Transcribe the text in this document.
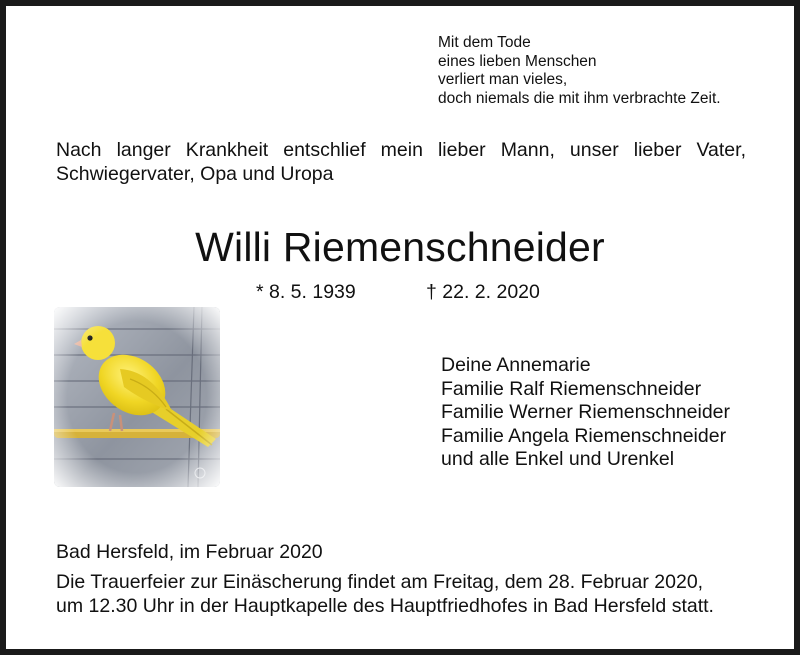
Mit dem Tode
eines lieben Menschen
verliert man vieles,
doch niemals die mit ihm verbrachte Zeit.
Nach langer Krankheit entschlief mein lieber Mann, unser lieber Vater,
Schwiegervater, Opa und Uropa
Willi Riemenschneider
* 8. 5. 1939	† 22. 2. 2020
Deine Annemarie
Familie Ralf Riemenschneider
Familie Werner Riemenschneider
Familie Angela Riemenschneider
und alle Enkel und Urenkel
Bad Hersfeld, im Februar 2020
Die Trauerfeier zur Einäscherung findet am Freitag, dem 28. Februar 2020,
um 12.30 Uhr in der Hauptkapelle des Hauptfriedhofes in Bad Hersfeld statt.
